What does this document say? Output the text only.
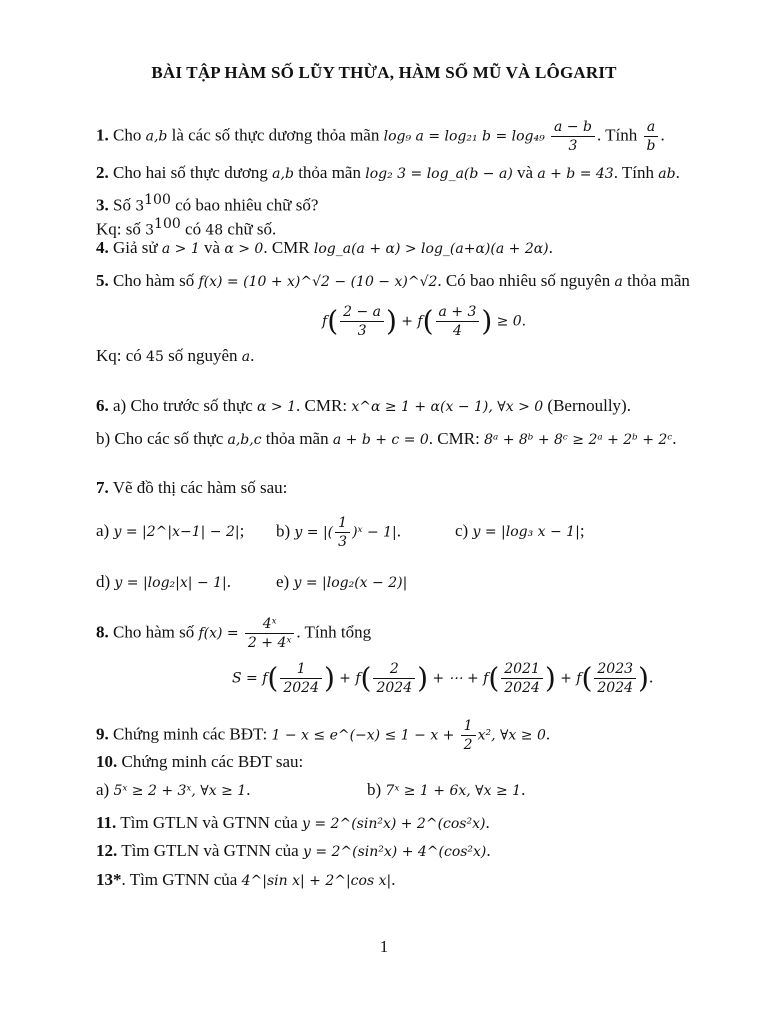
BÀI TẬP HÀM SỐ LŨY THỪA, HÀM SỐ MŨ VÀ LÔGARIT
1. Cho a,b là các số thực dương thỏa mãn log₉ a = log₂₁ $b = \log_{49} \frac{a - b}{3}$ . Tính $\frac{a}{b}$ .
2. Cho hai số thực dương a,b thỏa mãn log₂ 3 = log_a(b − a) và a + b = 43. Tính ab.
3. Số $3^{100}$ có bao nhiêu chữ số?
Kq: số $3^{100}$ có 48 chữ số.
4. Giả sử a > 1 và α > 0. CMR log_a(a + α) > log_(a+α)(a + 2α).
5. Cho hàm số f(x) = (10 + x)^√2 − (10 − x)^√2. Có bao nhiêu số nguyên a thỏa mãn
$f( \frac{2 - a}{3}$ ) + $f( \frac{a + 3}{4}$ ) ≥ 0.
Kq: có 45 số nguyên a.
6. a) Cho trước số thực α > 1. CMR: x^α ≥ 1 + α(x − 1), ∀x > 0 (Bernoully).
b) Cho các số thực a,b,c thỏa mãn a + b + c = 0. CMR: 8ᵃ + 8ᵇ + 8ᶜ ≥ 2ᵃ + 2ᵇ + 2ᶜ.
7. Vẽ đồ thị các hàm số sau:
a) y = |2^|x−1| − 2|; b) y = |( $\frac{1}{3}$ )ˣ − 1|.	c) y = |log₃ x − 1|;
d) y = |log₂|x| − 1|.	e) y = |log₂(x − 2)|
8. Cho hàm số $f(x) = \frac{\text{4ˣ}}{\text{2 + 4ˣ}}$ . Tính tổng
$S = f( \frac{1}{2024}$ ) + $f( \frac{2}{2024}$ ) + ⋯ + $f( \frac{2021}{2024}$ ) + $f( \frac{2023}{2024}$ ).
9. Chứng minh các BĐT: 1 − x ≤ e^(−x) ≤ $1 - x + \frac{1}{2} x^2$, ∀x ≥ 0.
10. Chứng minh các BĐT sau:
a) 5ˣ ≥ 2 + 3ˣ, ∀x ≥ 1.	b) 7ˣ ≥ 1 + 6x, ∀x ≥ 1.
11. Tìm GTLN và GTNN của y = 2^(sin²x) + 2^(cos²x).
12. Tìm GTLN và GTNN của y = 2^(sin²x) + 4^(cos²x).
13*. Tìm GTNN của 4^|sin x| + 2^|cos x|.
1
